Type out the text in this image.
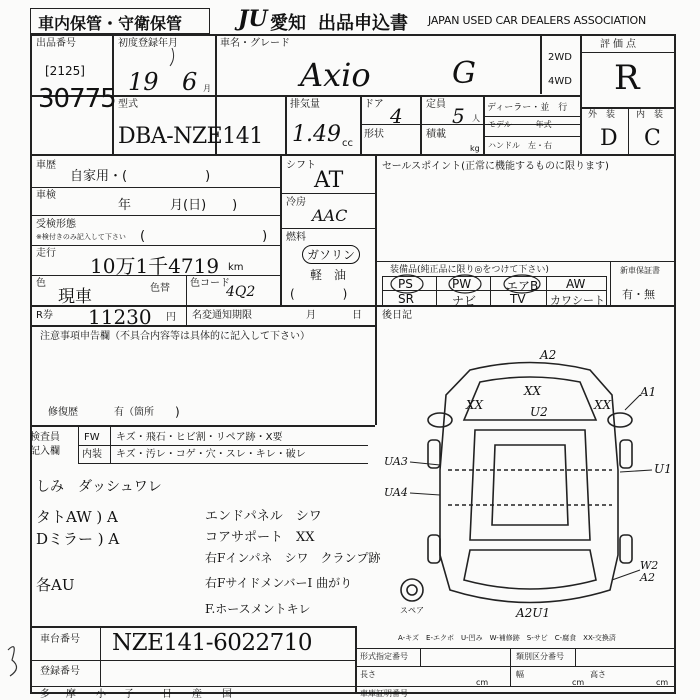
車内保管・守衛保管	JU 愛知 出品申込書 JAPAN USED CAR DEALERS ASSOCIATION
出品番号
[2125]
30775
初度登録年月
19 6 月
車名・グレード
Axio	G	2WD
4WD
評価点
R
型式
DBA-NZE141
排気量
1.49 cc
ドア 4
形状
定員 5 人
積載
kg
ディーラー・並　行
モデル　　　年式
ハンドル　左・右
外　装 内　装
D C
車歴
自家用・(　　　　　　)
車検
年　　　月(日)　　)
受検形態
※検付きのみ記入して下さい (　　　　　　　　　)
走行
10万1千4719 km
色
現車	色替 色コード
4Q2
シフト
AT
冷房
AAC
燃料
ガソリン
軽　油
(　　　　)
セールスポイント(正常に機能するものに限ります)
装備品(純正品に限り◎をつけて下さい)
PS	PW	エアB AW
SR	ナビ	TV カワシート
新車保証書
有・無
R券 11230 円 名変通知期限	月	日 後日記
注意事項申告欄（不具合内容等は具体的に記入して下さい）
修復歴	有（箇所 )
検査員
記入欄
FW キズ・飛石・ヒビ割・リペア跡・X要
内装 キズ・汚レ・コゲ・穴・スレ・キレ・破レ
しみ　ダッシュワレ
タトAW ) A
Dミラー ) A
各AU
エンドパネル　シワ
コアサポート　XX
右Fインパネ　シワ　クランプ跡
右FサイドメンバーI 曲がり
F.ホースメントキレ
A2
XX
U2
XX	XX
A1
U1
UA3
UA4
W2 A2
A2U1
スペア
A-キズ　E-エクボ　U-凹み　W-補修跡　S-サビ　C-腐食　XX-交換済
車台番号 NZE141-6022710
登録番号
形式指定番号	類別区分番号
長さ
cm
幅
cm
高さ
cm
車庫証明番号
多 摩 小 子	日 産 国
